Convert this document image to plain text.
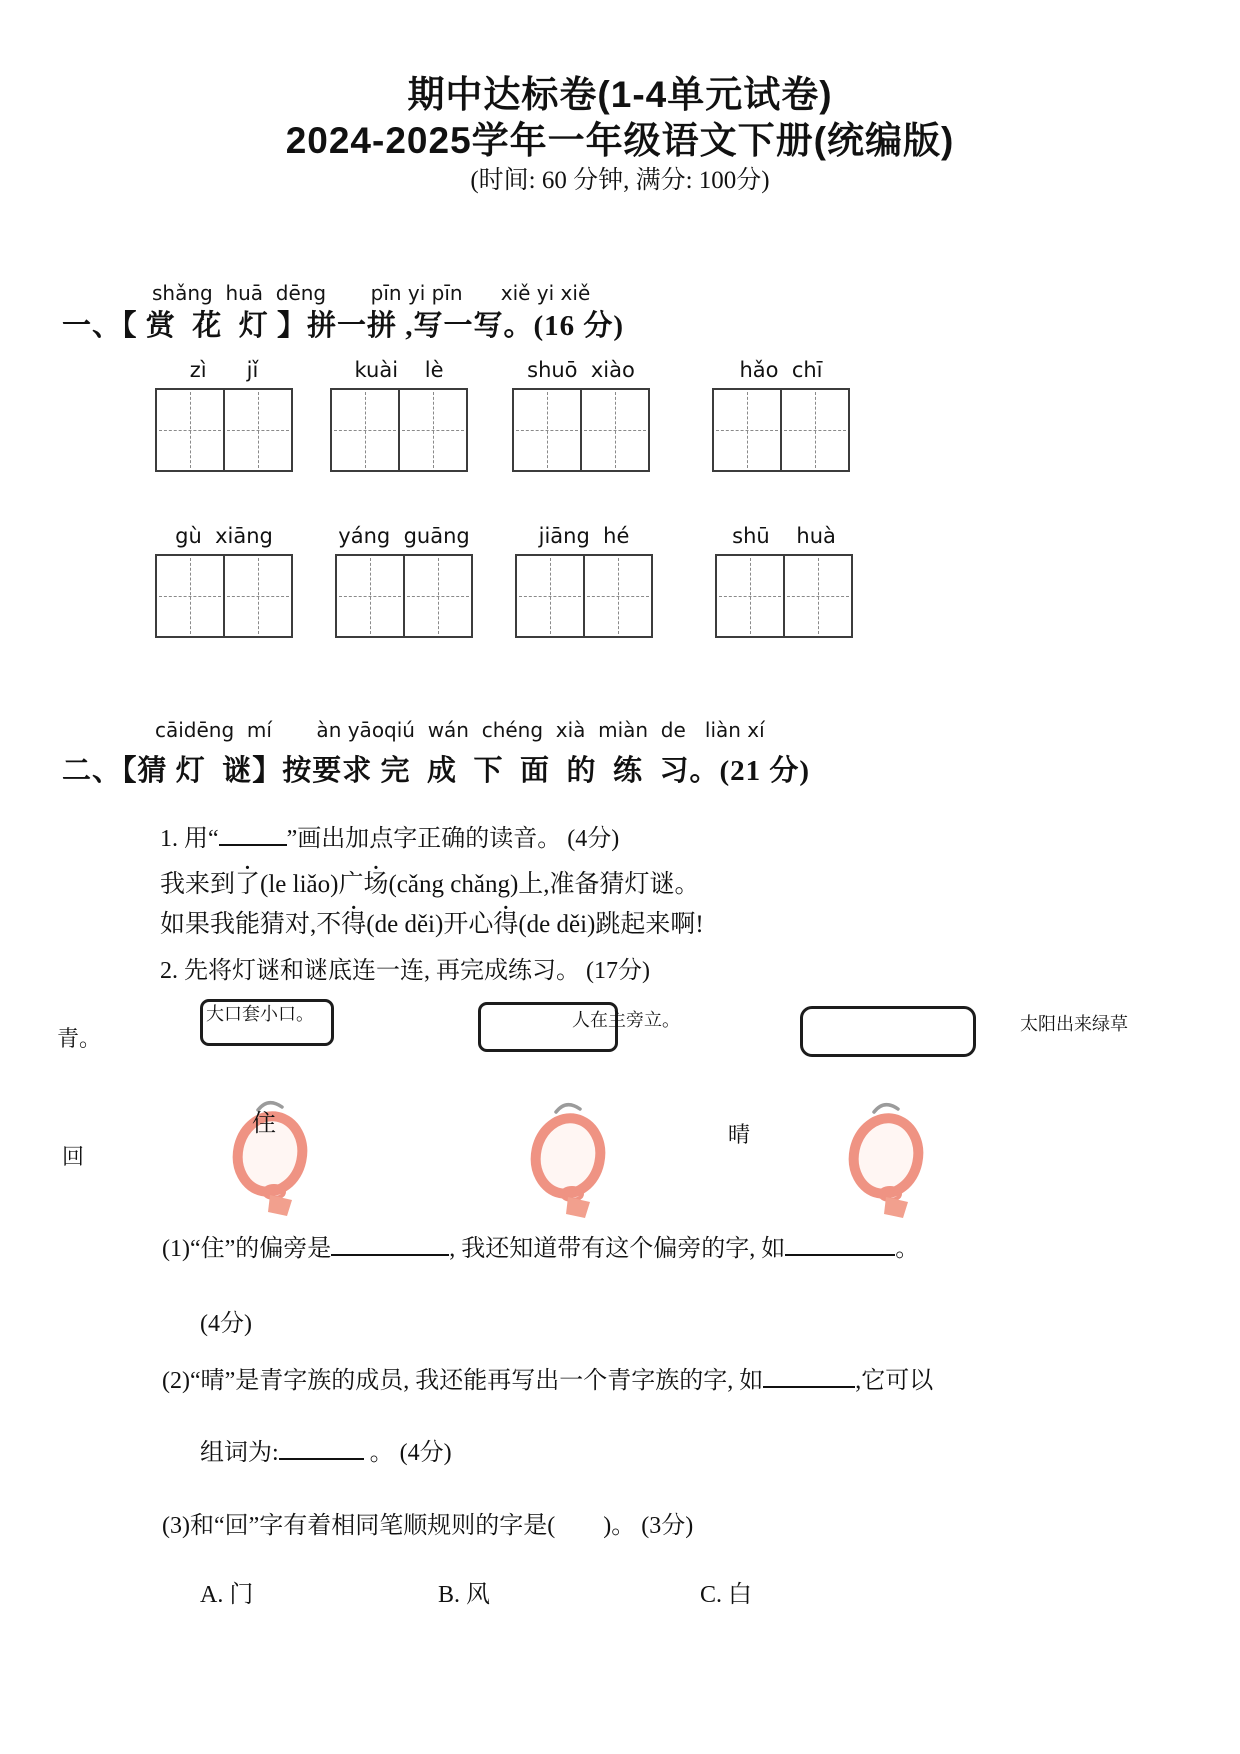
期中达标卷(1-4单元试卷)
2024-2025学年一年级语文下册(统编版)
(时间: 60 分钟, 满分: 100分)
shǎng  huā  dēng       pīn yi pīn      xiě yi xiě
一、【 赏  花  灯 】拼一拼 ,写一写。(16 分)
zì      jǐ	kuài    lè	shuō  xiào	hǎo  chī
gù  xiāng	yáng  guāng	jiāng  hé	shū    huà
cāidēng  mí       àn yāoqiú  wán  chéng  xià  miàn  de   liàn xí
二、【猜 灯  谜】按要求 完  成  下  面  的  练  习。(21 分)
1. 用“	”画出加点字正确的读音。 (4分)
我来到了(le liǎo)广场(cǎng chǎng)上,准备猜灯谜。
如果我能猜对,不得(de děi)开心得(de děi)跳起来啊!
2. 先将灯谜和谜底连一连, 再完成练习。 (17分)
青。
大口套小口。	人在主旁立。	太阳出来绿草
回
住	晴
(1)“住”的偏旁是	, 我还知道带有这个偏旁的字, 如	。
(4分)
(2)“晴”是青字族的成员, 我还能再写出一个青字族的字, 如	,它可以
组词为:	。 (4分)
(3)和“回”字有着相同笔顺规则的字是(        )。 (3分)
A. 门	B. 风	C. 白
